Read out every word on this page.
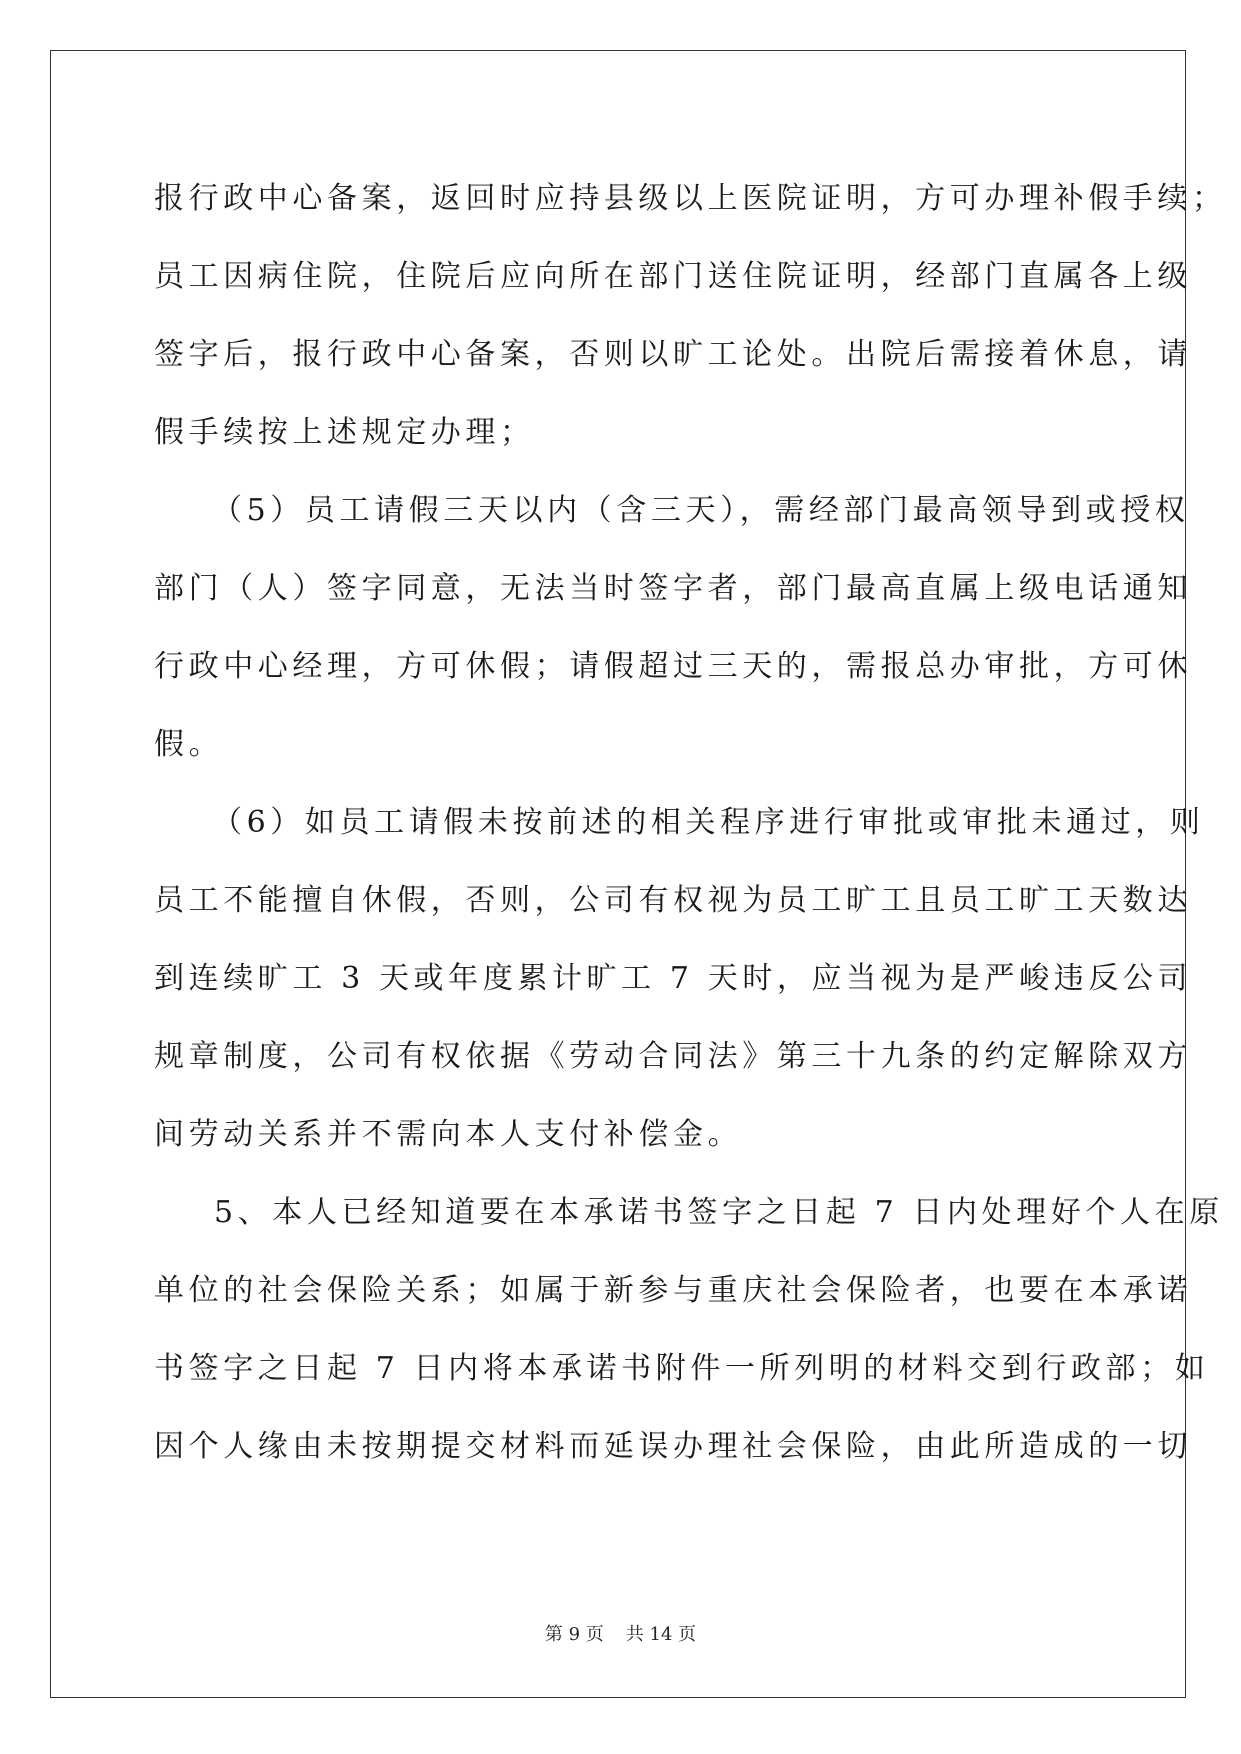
报行政中心备案，返回时应持县级以上医院证明，方可办理补假手续；

员工因病住院，住院后应向所在部门送住院证明，经部门直属各上级

签字后，报行政中心备案，否则以旷工论处。出院后需接着休息，请

假手续按上述规定办理；

（5）员工请假三天以内（含三天），需经部门最高领导到或授权

部门（人）签字同意，无法当时签字者，部门最高直属上级电话通知

行政中心经理，方可休假；请假超过三天的，需报总办审批，方可休

假。

（6）如员工请假未按前述的相关程序进行审批或审批未通过，则

员工不能擅自休假，否则，公司有权视为员工旷工且员工旷工天数达

到连续旷工 3 天或年度累计旷工 7 天时，应当视为是严峻违反公司

规章制度，公司有权依据《劳动合同法》第三十九条的约定解除双方

间劳动关系并不需向本人支付补偿金。

5、本人已经知道要在本承诺书签字之日起 7 日内处理好个人在原

单位的社会保险关系；如属于新参与重庆社会保险者，也要在本承诺

书签字之日起 7 日内将本承诺书附件一所列明的材料交到行政部；如

因个人缘由未按期提交材料而延误办理社会保险，由此所造成的一切

第 9 页 共 14 页
